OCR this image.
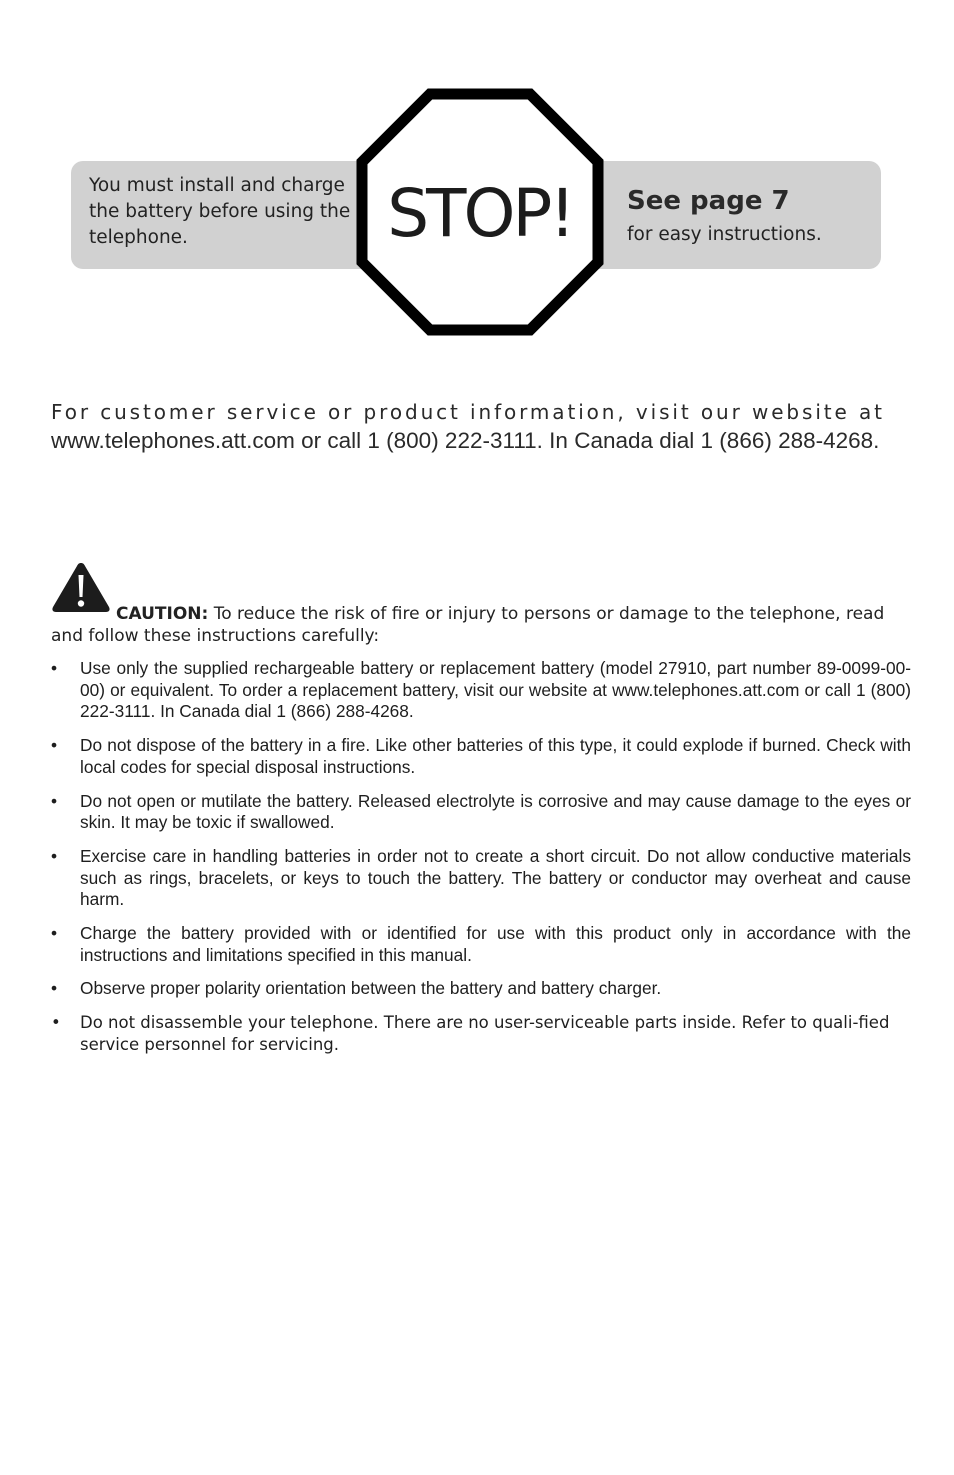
You must install and charge the battery before using the telephone.	STOP!	See page 7
for easy instructions.
For customer service or product information, visit our website at
www.telephones.att.com or call 1 (800) 222-3111. In Canada dial 1 (866) 288-4268.
CAUTION: To reduce the risk of fire or injury to persons or damage to the telephone, read and follow these instructions carefully:
• Use only the supplied rechargeable battery or replacement battery (model 27910, part number 89-0099-00-00) or equivalent. To order a replacement battery, visit our website at www.telephones.att.com or call 1 (800) 222-3111. In Canada dial 1 (866) 288-4268.
• Do not dispose of the battery in a fire. Like other batteries of this type, it could explode if burned. Check with local codes for special disposal instructions.
• Do not open or mutilate the battery. Released electrolyte is corrosive and may cause damage to the eyes or skin. It may be toxic if swallowed.
• Exercise care in handling batteries in order not to create a short circuit. Do not allow conductive materials such as rings, bracelets, or keys to touch the battery. The battery or conductor may overheat and cause harm.
• Charge the battery provided with or identified for use with this product only in accordance with the instructions and limitations specified in this manual.
• Observe proper polarity orientation between the battery and battery charger.
• Do not disassemble your telephone. There are no user-serviceable parts inside. Refer to quali-fied service personnel for servicing.
